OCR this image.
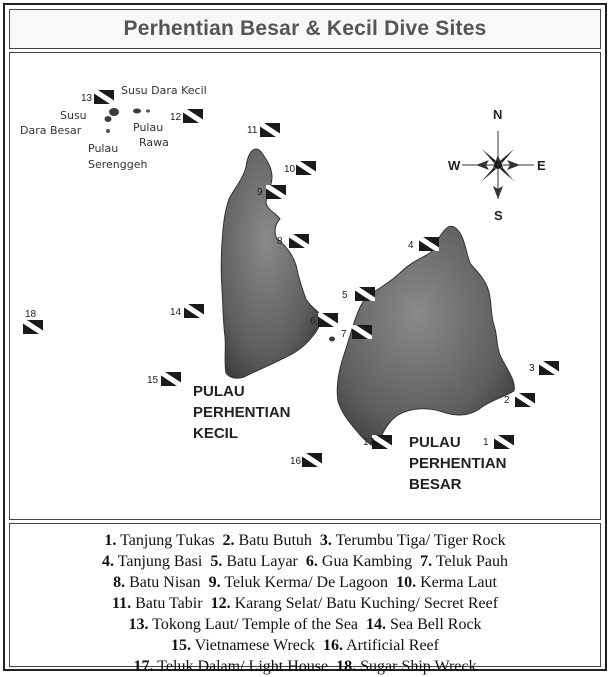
Perhentian Besar & Kecil Dive Sites
N
S
W	E
1
2
3
4
5
6
7
8
9
10
11
12
13
14
15
16
17
18
Susu Dara Kecil
Susu
Dara Besar	Pulau
Rawa
Pulau
Serenggeh
PULAU
PERHENTIAN
KECIL
PULAU
PERHENTIAN
BESAR
1. Tanjung Tukas 2. Batu Butuh 3. Terumbu Tiga/ Tiger Rock
4. Tanjung Basi 5. Batu Layar 6. Gua Kambing 7. Teluk Pauh
8. Batu Nisan 9. Teluk Kerma/ De Lagoon 10. Kerma Laut
11. Batu Tabir 12. Karang Selat/ Batu Kuching/ Secret Reef
13. Tokong Laut/ Temple of the Sea 14. Sea Bell Rock
15. Vietnamese Wreck 16. Artificial Reef
17. Teluk Dalam/ Light House 18. Sugar Ship Wreck
